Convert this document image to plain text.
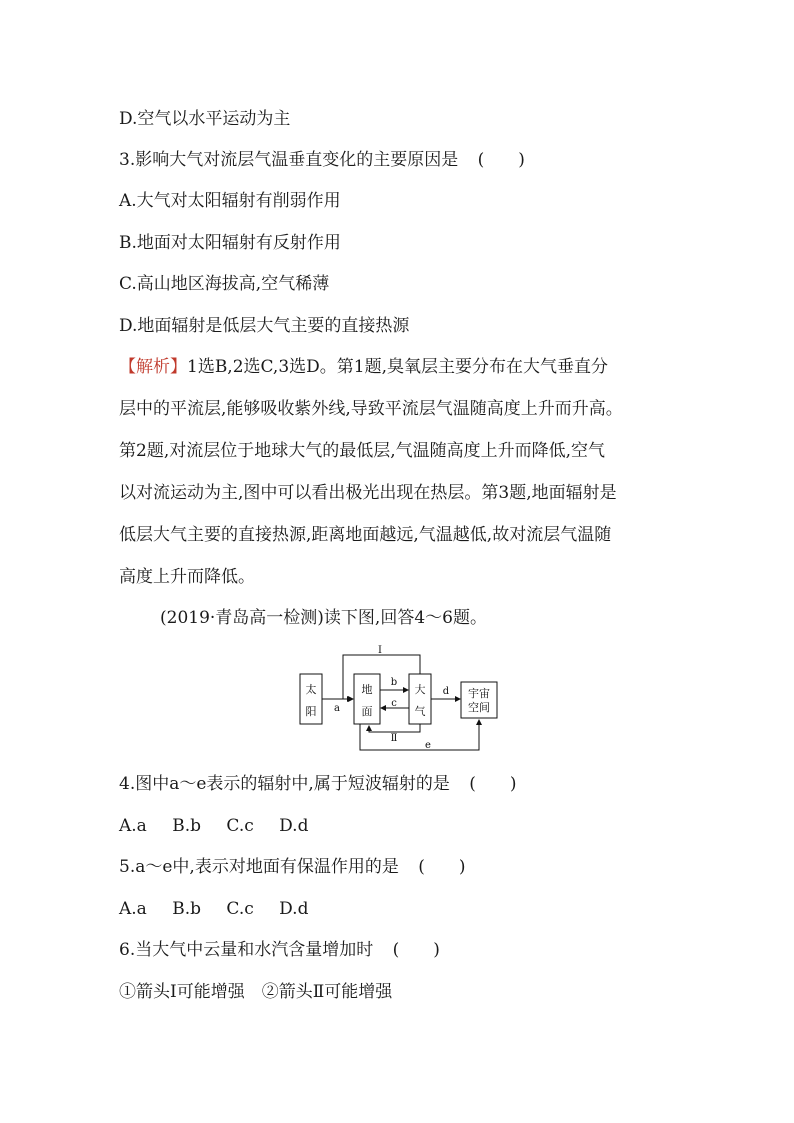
D.空气以水平运动为主
3.影响大气对流层气温垂直变化的主要原因是 (　　)
A.大气对太阳辐射有削弱作用
B.地面对太阳辐射有反射作用
C.高山地区海拔高,空气稀薄
D.地面辐射是低层大气主要的直接热源
【解析】1选B,2选C,3选D。第1题,臭氧层主要分布在大气垂直分
层中的平流层,能够吸收紫外线,导致平流层气温随高度上升而升高。
第2题,对流层位于地球大气的最低层,气温随高度上升而降低,空气
以对流运动为主,图中可以看出极光出现在热层。第3题,地面辐射是
低层大气主要的直接热源,距离地面越远,气温越低,故对流层气温随
高度上升而降低。
(2019·青岛高一检测)读下图,回答4～6题。
太
阳
地
面
大
气
宇宙
空间
a
b
c
d
Ⅰ
Ⅱ
e
4.图中a～e表示的辐射中,属于短波辐射的是 (　　)
A.a B.b C.c D.d
5.a～e中,表示对地面有保温作用的是 (　　)
A.a B.b C.c D.d
6.当大气中云量和水汽含量增加时 (　　)
①箭头Ⅰ可能增强　②箭头Ⅱ可能增强
